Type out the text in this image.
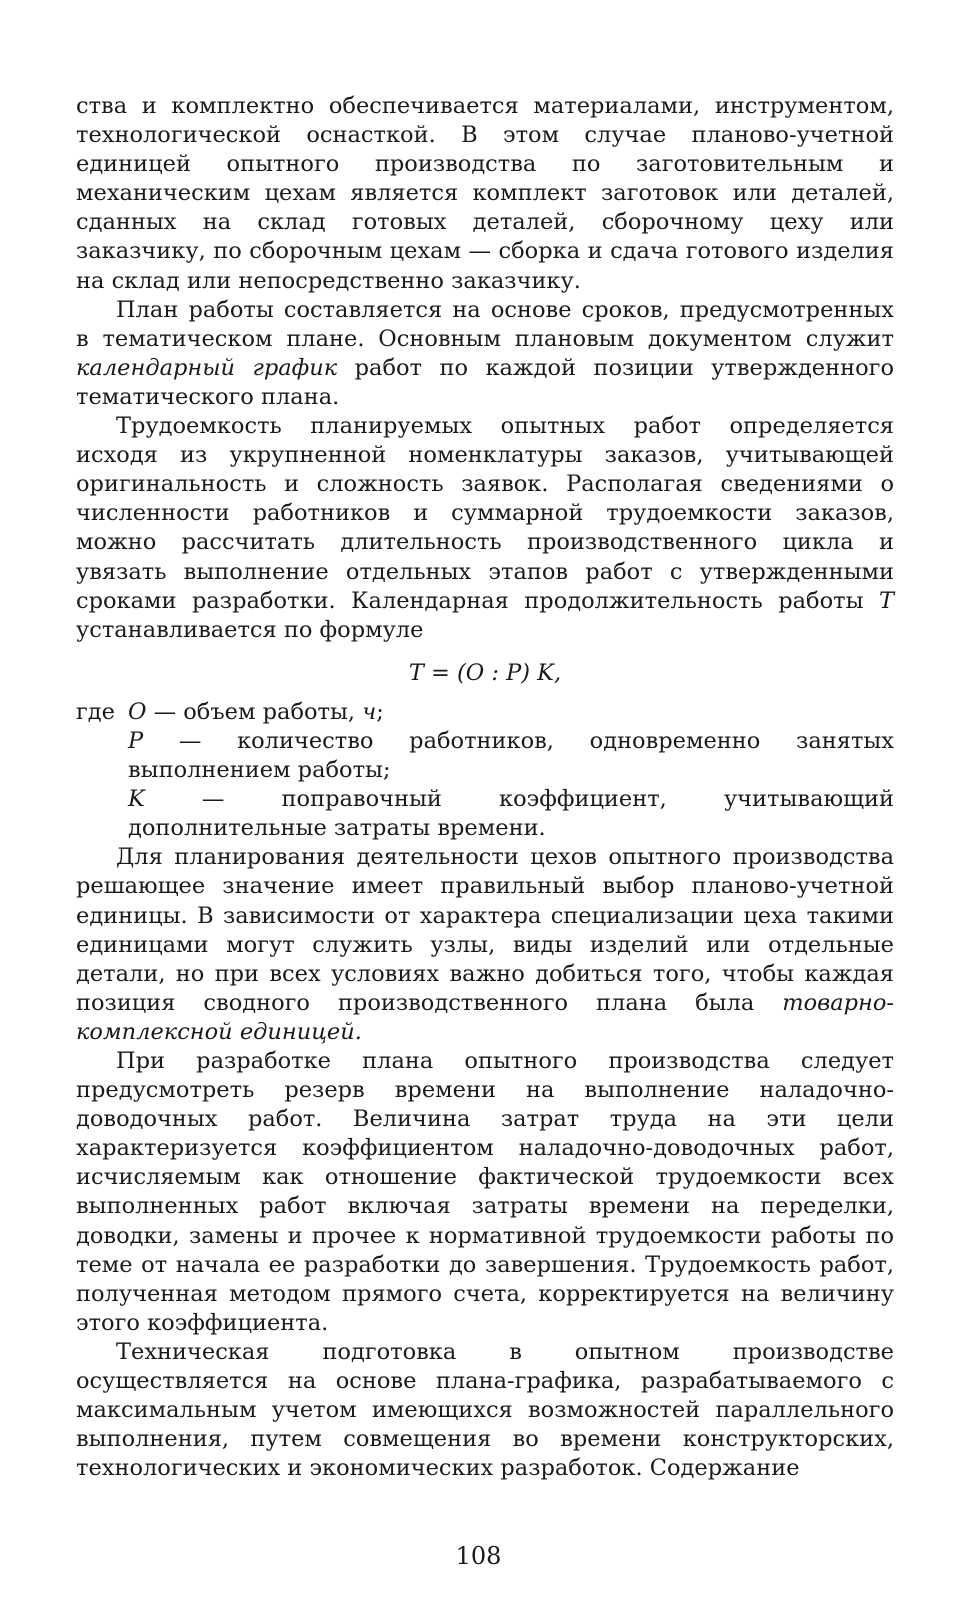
ства и комплектно обеспечивается материалами, инструментом, технологической оснасткой. В этом случае планово-учетной единицей опытного производства по заготовительным и механическим цехам является комплект заготовок или деталей, сданных на склад готовых деталей, сборочному цеху или заказчику, по сборочным цехам — сборка и сдача готового изделия на склад или непосредственно заказчику.

План работы составляется на основе сроков, предусмотренных в тематическом плане. Основным плановым документом служит календарный график работ по каждой позиции утвержденного тематического плана.

Трудоемкость планируемых опытных работ определяется исходя из укрупненной номенклатуры заказов, учитывающей оригинальность и сложность заявок. Располагая сведениями о численности работников и суммарной трудоемкости заказов, можно рассчитать длительность производственного цикла и увязать выполнение отдельных этапов работ с утвержденными сроками разработки. Календарная продолжительность работы T устанавливается по формуле

T = (O : P) K,
где O — объем работы, ч;
P — количество работников, одновременно занятых выполнением работы;
K — поправочный коэффициент, учитывающий дополнительные затраты времени.

Для планирования деятельности цехов опытного производства решающее значение имеет правильный выбор планово-учетной единицы. В зависимости от характера специализации цеха такими единицами могут служить узлы, виды изделий или отдельные детали, но при всех условиях важно добиться того, чтобы каждая позиция сводного производственного плана была товарно-комплексной единицей.

При разработке плана опытного производства следует предусмотреть резерв времени на выполнение наладочно-доводочных работ. Величина затрат труда на эти цели характеризуется коэффициентом наладочно-доводочных работ, исчисляемым как отношение фактической трудоемкости всех выполненных работ включая затраты времени на переделки, доводки, замены и прочее к нормативной трудоемкости работы по теме от начала ее разработки до завершения. Трудоемкость работ, полученная методом прямого счета, корректируется на величину этого коэффициента.

Техническая подготовка в опытном производстве осуществляется на основе плана-графика, разрабатываемого с максимальным учетом имеющихся возможностей параллельного выполнения, путем совмещения во времени конструкторских, технологических и экономических разработок. Содержание

108
